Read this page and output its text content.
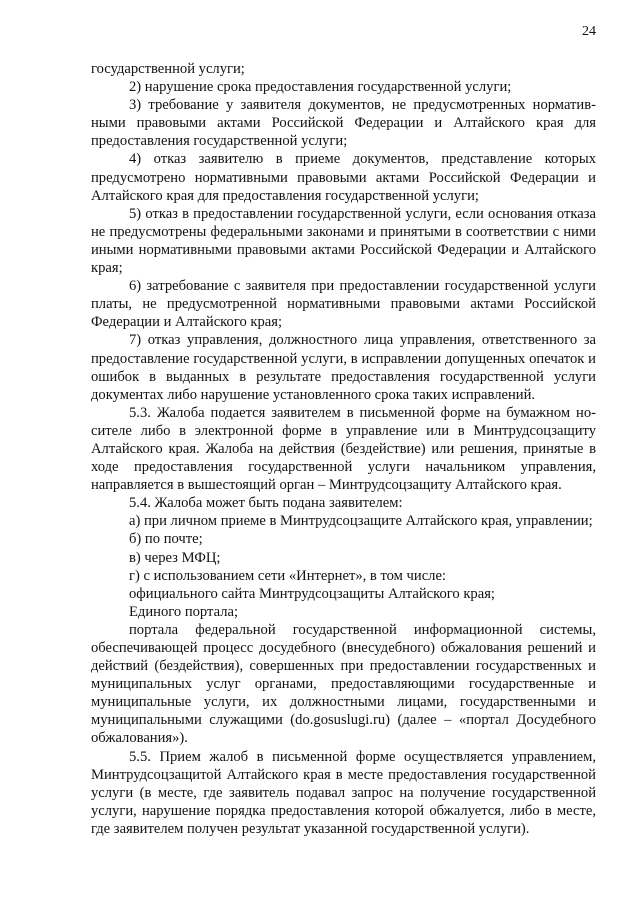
24

государственной услуги;

2) нарушение срока предоставления государственной услуги;

3) требование у заявителя документов, не предусмотренных нормативными правовыми актами Российской Федерации и Алтайского края для предоставления государственной услуги;

4) отказ заявителю в приеме документов, представление которых предусмотрено нормативными правовыми актами Российской Федерации и Алтайского края для предоставления государственной услуги;

5) отказ в предоставлении государственной услуги, если основания отказа не предусмотрены федеральными законами и принятыми в соответствии с ними иными нормативными правовыми актами Российской Федерации и Алтайского края;

6) затребование с заявителя при предоставлении государственной услуги платы, не предусмотренной нормативными правовыми актами Российской Федерации и Алтайского края;

7) отказ управления, должностного лица управления, ответственного за предоставление государственной услуги, в исправлении допущенных опечаток и ошибок в выданных в результате предоставления государственной услуги документах либо нарушение установленного срока таких исправлений.

5.3. Жалоба подается заявителем в письменной форме на бумажном носителе либо в электронной форме в управление или в Минтрудсоцзащиту Алтайского края. Жалоба на действия (бездействие) или решения, принятые в ходе предоставления государственной услуги начальником управления, направляется в вышестоящий орган – Минтрудсоцзащиту Алтайского края.

5.4. Жалоба может быть подана заявителем:

а) при личном приеме в Минтрудсоцзащите Алтайского края, управлении;

б) по почте;

в) через МФЦ;

г) с использованием сети «Интернет», в том числе:

официального сайта Минтрудсоцзащиты Алтайского края;

Единого портала;

портала федеральной государственной информационной системы, обеспечивающей процесс досудебного (внесудебного) обжалования решений и действий (бездействия), совершенных при предоставлении государственных и муниципальных услуг органами, предоставляющими государственные и муниципальные услуги, их должностными лицами, государственными и муниципальными служащими (do.gosuslugi.ru) (далее – «портал Досудебного обжалования»).

5.5. Прием жалоб в письменной форме осуществляется управлением, Минтрудсоцзащитой Алтайского края в месте предоставления государственной услуги (в месте, где заявитель подавал запрос на получение государственной услуги, нарушение порядка предоставления которой обжалуется, либо в месте, где заявителем получен результат указанной государственной услуги).
